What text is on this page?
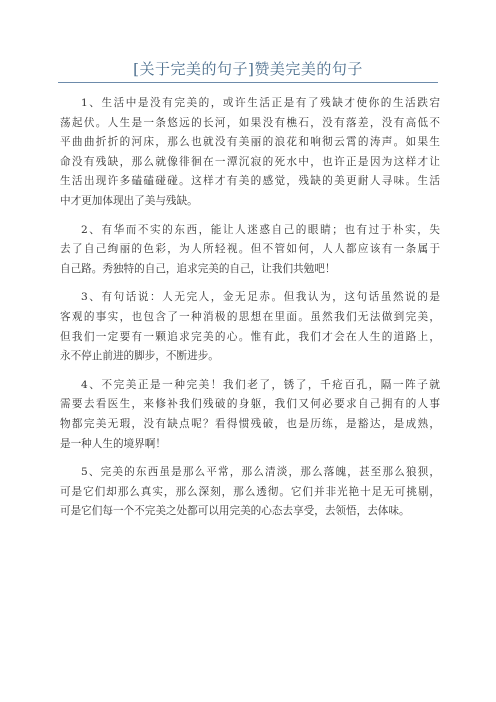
[关于完美的句子]赞美完美的句子
1、生活中是没有完美的，或许生活正是有了残缺才使你的生活跌宕
荡起伏。人生是一条悠远的长河，如果没有樵石，没有落差，没有高低不
平曲曲折折的河床，那么也就没有美丽的浪花和响彻云霄的涛声。如果生
命没有残缺，那么就像徘徊在一潭沉寂的死水中，也许正是因为这样才让
生活出现许多磕磕碰碰。这样才有美的感觉，残缺的美更耐人寻味。生活
中才更加体现出了美与残缺。
2、有华而不实的东西，能让人迷惑自己的眼睛；也有过于朴实，失
去了自己绚丽的色彩，为人所轻视。但不管如何，人人都应该有一条属于
自己路。秀独特的自己，追求完美的自己，让我们共勉吧！
3、有句话说：人无完人，金无足赤。但我认为，这句话虽然说的是
客观的事实，也包含了一种消极的思想在里面。虽然我们无法做到完美，
但我们一定要有一颗追求完美的心。惟有此，我们才会在人生的道路上，
永不停止前进的脚步，不断进步。
4、不完美正是一种完美！我们老了，锈了，千疮百孔，隔一阵子就
需要去看医生，来修补我们残破的身躯，我们又何必要求自己拥有的人事
物都完美无瑕，没有缺点呢？看得惯残破，也是历练，是豁达，是成熟，
是一种人生的境界啊！
5、完美的东西虽是那么平常，那么清淡，那么落魄，甚至那么狼狈，
可是它们却那么真实，那么深刻，那么透彻。它们并非光艳十足无可挑剔，
可是它们每一个不完美之处都可以用完美的心态去享受，去领悟，去体味。
